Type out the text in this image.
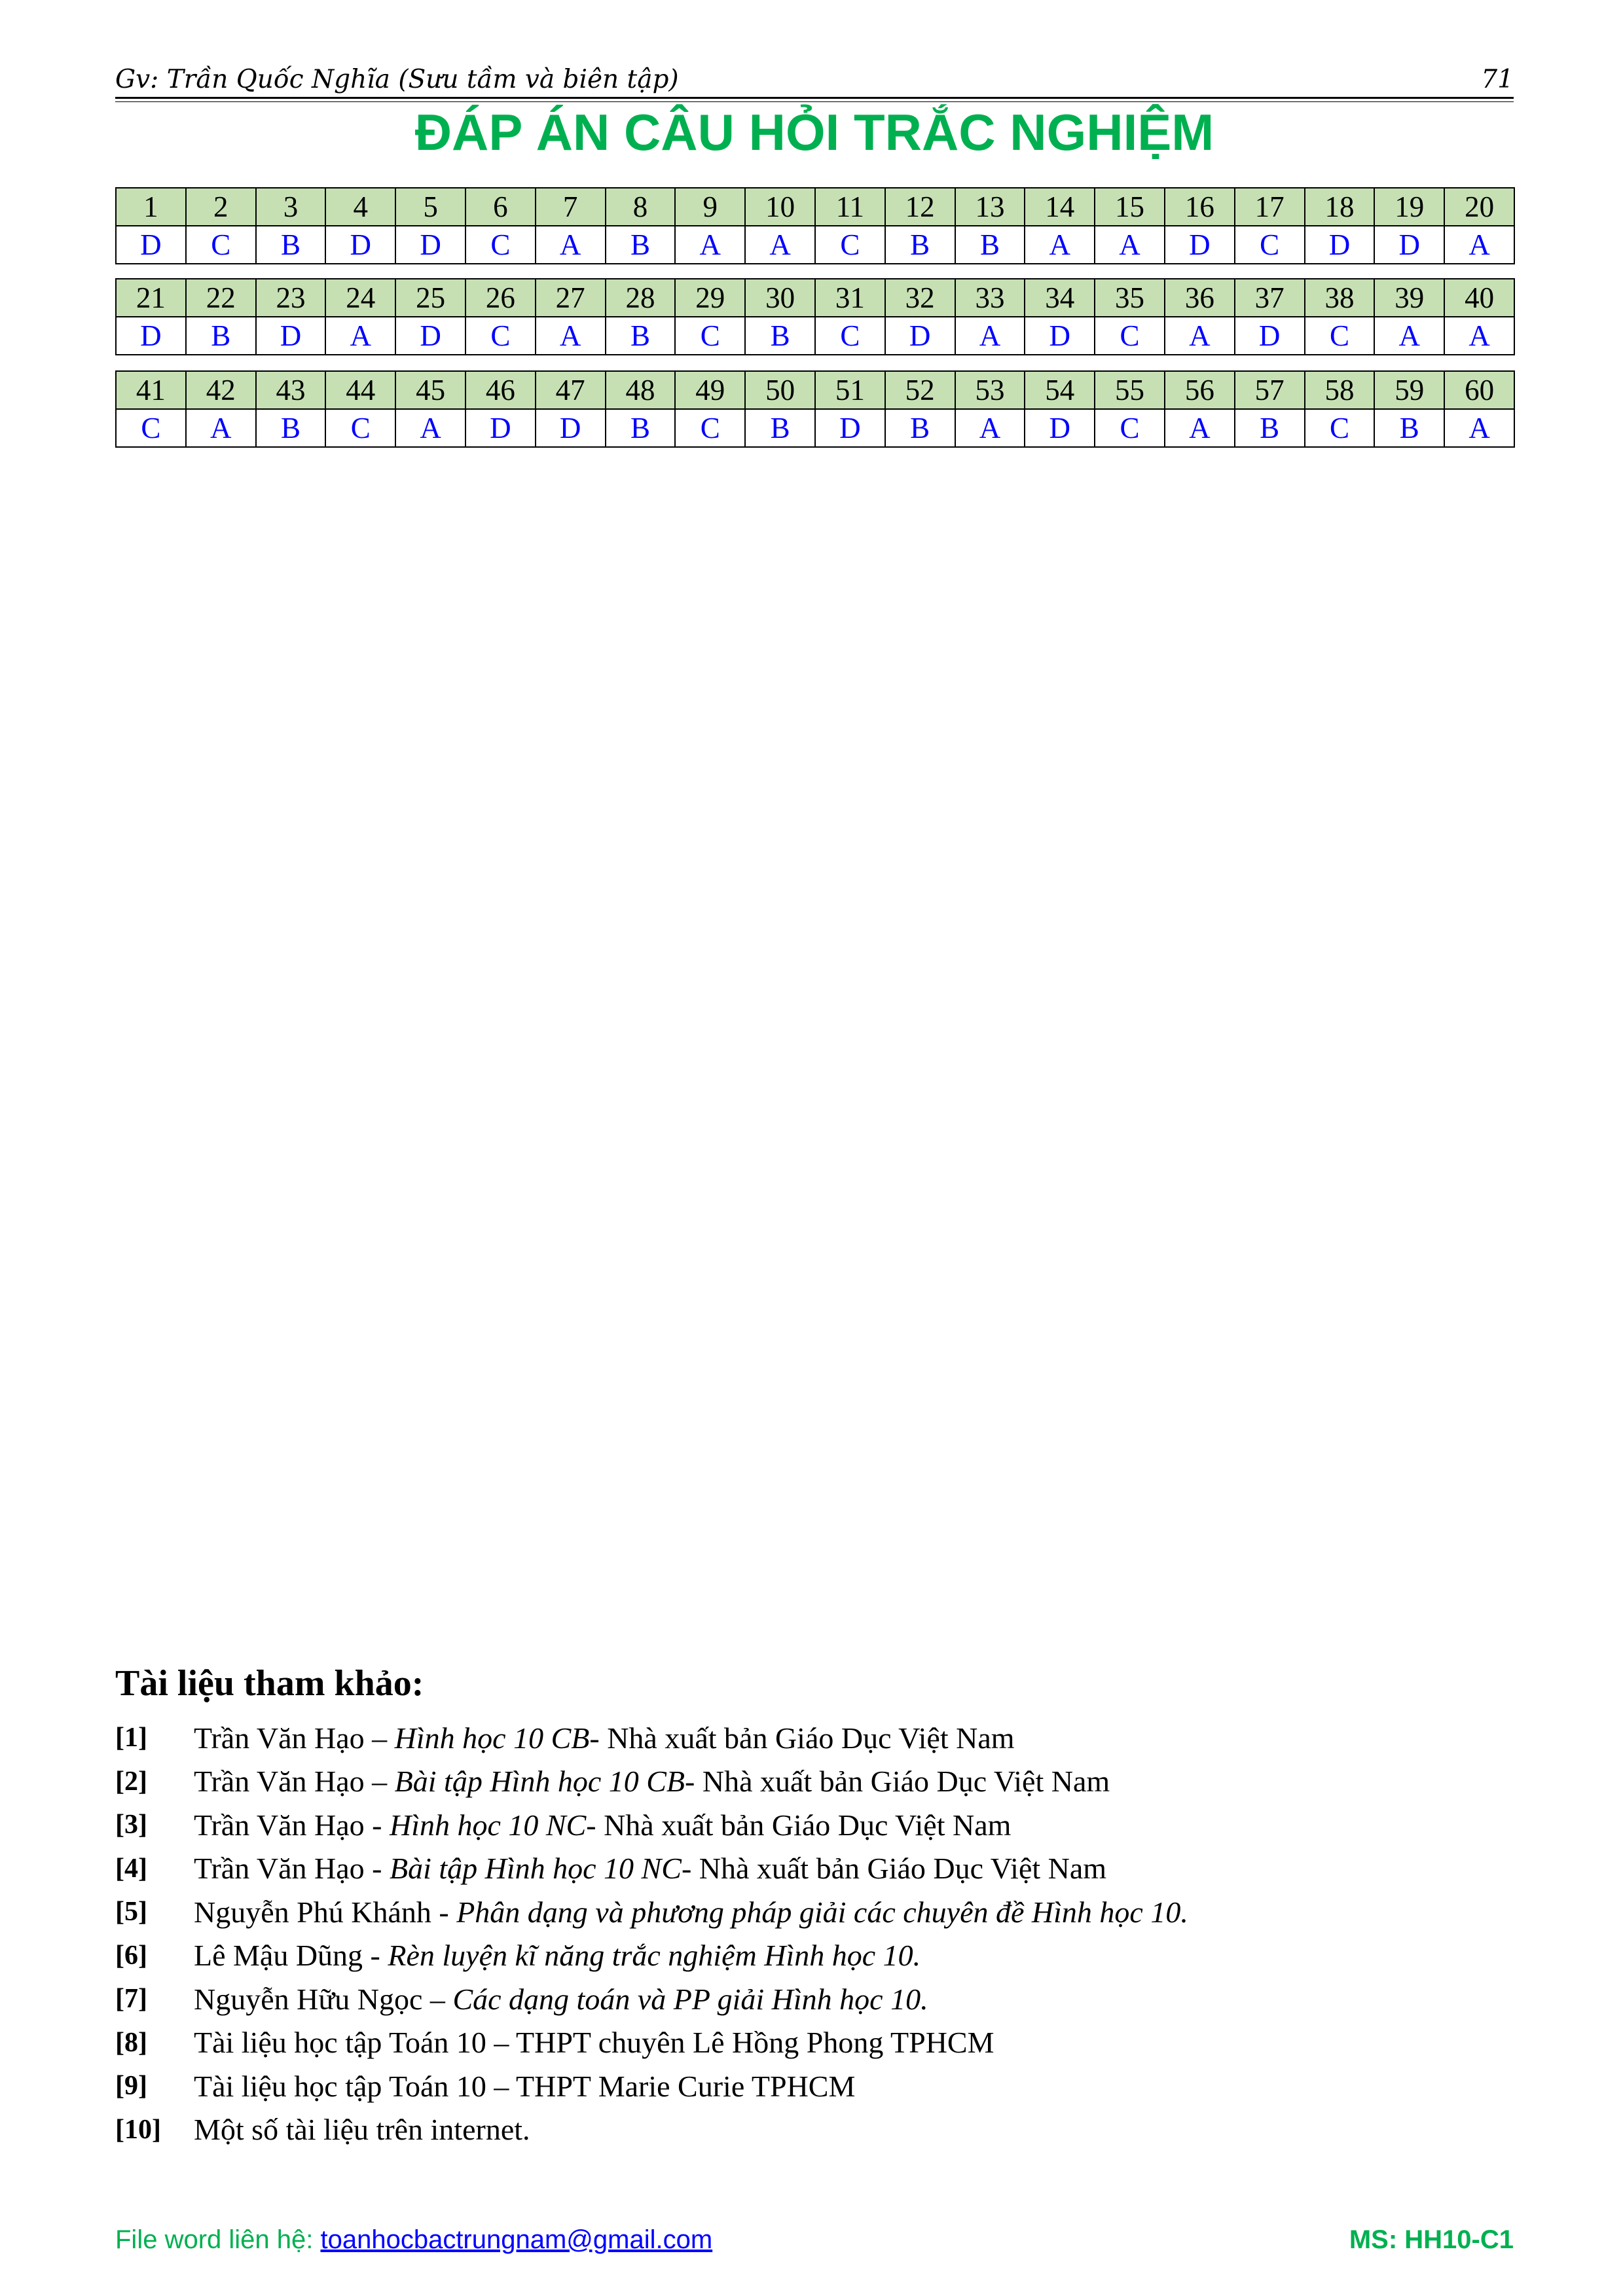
Gv: Trần Quốc Nghĩa (Sưu tầm và biên tập)	71
ĐÁP ÁN CÂU HỎI TRẮC NGHIỆM
1	2	3	4	5	6	7	8	9	10	11	12	13	14	15	16	17	18	19	20
D	C	B	D	D	C	A	B	A	A	C	B	B	A	A	D	C	D	D	A
21	22	23	24	25	26	27	28	29	30	31	32	33	34	35	36	37	38	39	40
D	B	D	A	D	C	A	B	C	B	C	D	A	D	C	A	D	C	A	A
41	42	43	44	45	46	47	48	49	50	51	52	53	54	55	56	57	58	59	60
C	A	B	C	A	D	D	B	C	B	D	B	A	D	C	A	B	C	B	A
Tài liệu tham khảo:
[1]	Trần Văn Hạo – Hình học 10 CB- Nhà xuất bản Giáo Dục Việt Nam
[2]	Trần Văn Hạo – Bài tập Hình học 10 CB- Nhà xuất bản Giáo Dục Việt Nam
[3]	Trần Văn Hạo - Hình học 10 NC- Nhà xuất bản Giáo Dục Việt Nam
[4]	Trần Văn Hạo - Bài tập Hình học 10 NC- Nhà xuất bản Giáo Dục Việt Nam
[5]	Nguyễn Phú Khánh - Phân dạng và phương pháp giải các chuyên đề Hình học 10.
[6]	Lê Mậu Dũng - Rèn luyện kĩ năng trắc nghiệm Hình học 10.
[7]	Nguyễn Hữu Ngọc – Các dạng toán và PP giải Hình học 10.
[8]	Tài liệu học tập Toán 10 – THPT chuyên Lê Hồng Phong TPHCM
[9]	Tài liệu học tập Toán 10 – THPT Marie Curie TPHCM
[10]	Một số tài liệu trên internet.
File word liên hệ: toanhocbactrungnam@gmail.com	MS: HH10-C1
